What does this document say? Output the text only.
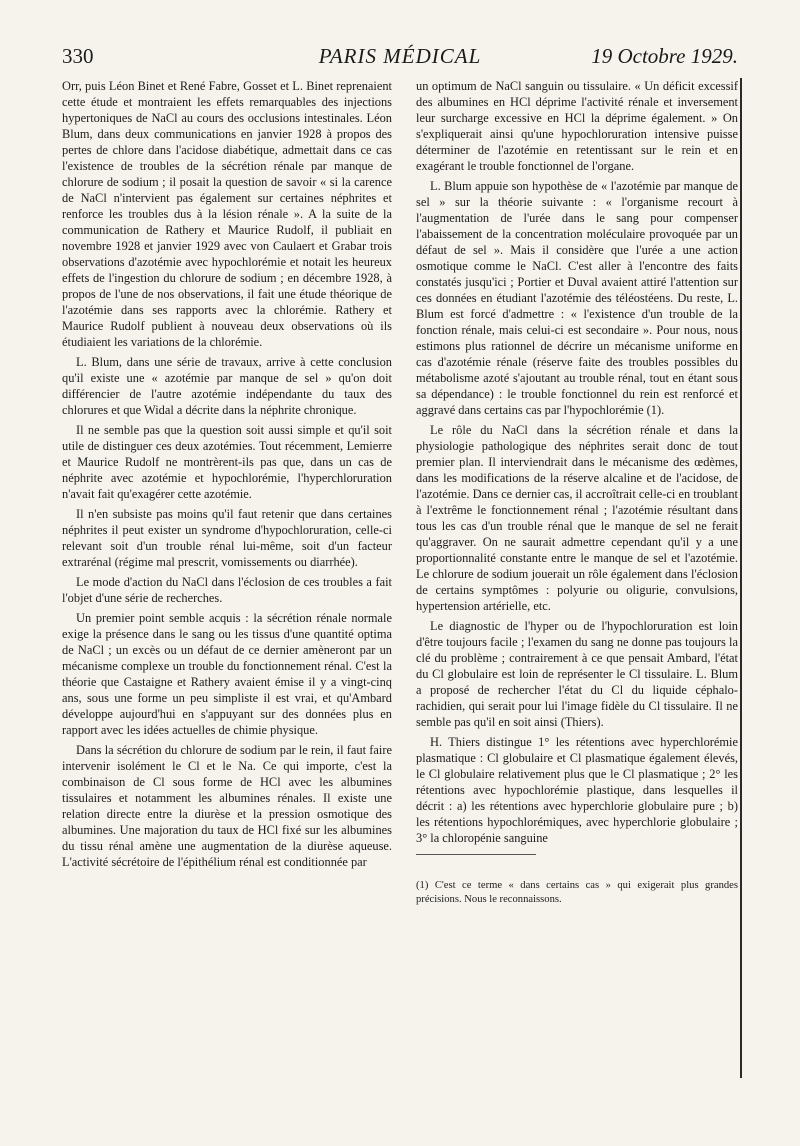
330	PARIS MÉDICAL	19 Octobre 1929.

Orr, puis Léon Binet et René Fabre, Gosset et L. Binet reprenaient cette étude et montraient les effets remarquables des injections hypertoniques de NaCl au cours des occlusions intestinales. Léon Blum, dans deux communications en janvier 1928 à propos des pertes de chlore dans l'acidose diabétique, admettait dans ce cas l'existence de troubles de la sécrétion rénale par manque de chlorure de sodium ; il posait la question de savoir « si la carence de NaCl n'intervient pas également sur certaines néphrites et renforce les troubles dus à la lésion rénale ». A la suite de la communication de Rathery et Maurice Rudolf, il publiait en novembre 1928 et janvier 1929 avec von Caulaert et Grabar trois observations d'azotémie avec hypochlorémie et notait les heureux effets de l'ingestion du chlorure de sodium ; en décembre 1928, à propos de l'une de nos observations, il fait une étude théorique de l'azotémie dans ses rapports avec la chlorémie. Rathery et Maurice Rudolf publient à nouveau deux observations où ils étudiaient les variations de la chlorémie.

L. Blum, dans une série de travaux, arrive à cette conclusion qu'il existe une « azotémie par manque de sel » qu'on doit différencier de l'autre azotémie indépendante du taux des chlorures et que Widal a décrite dans la néphrite chronique.

Il ne semble pas que la question soit aussi simple et qu'il soit utile de distinguer ces deux azotémies. Tout récemment, Lemierre et Maurice Rudolf ne montrèrent-ils pas que, dans un cas de néphrite avec azotémie et hypochlorémie, l'hyperchloruration n'avait fait qu'exagérer cette azotémie.

Il n'en subsiste pas moins qu'il faut retenir que dans certaines néphrites il peut exister un syndrome d'hypochloruration, celle-ci relevant soit d'un trouble rénal lui-même, soit d'un facteur extrarénal (régime mal prescrit, vomissements ou diarrhée).

Le mode d'action du NaCl dans l'éclosion de ces troubles a fait l'objet d'une série de recherches.

Un premier point semble acquis : la sécrétion rénale normale exige la présence dans le sang ou les tissus d'une quantité optima de NaCl ; un excès ou un défaut de ce dernier amèneront par un mécanisme complexe un trouble du fonctionnement rénal. C'est la théorie que Castaigne et Rathery avaient émise il y a vingt-cinq ans, sous une forme un peu simpliste il est vrai, et qu'Ambard développe aujourd'hui en s'appuyant sur des données plus en rapport avec les idées actuelles de chimie physique.

Dans la sécrétion du chlorure de sodium par le rein, il faut faire intervenir isolément le Cl et le Na. Ce qui importe, c'est la combinaison de Cl sous forme de HCl avec les albumines tissulaires et notamment les albumines rénales. Il existe une relation directe entre la diurèse et la pression osmotique des albumines. Une majoration du taux de HCl fixé sur les albumines du tissu rénal amène une augmentation de la diurèse aqueuse. L'activité sécrétoire de l'épithélium rénal est conditionnée par

un optimum de NaCl sanguin ou tissulaire. « Un déficit excessif des albumines en HCl déprime l'activité rénale et inversement leur surcharge excessive en HCl la déprime également. » On s'expliquerait ainsi qu'une hypochloruration intensive puisse déterminer de l'azotémie en retentissant sur le rein et en exagérant le trouble fonctionnel de l'organe.

L. Blum appuie son hypothèse de « l'azotémie par manque de sel » sur la théorie suivante : « l'organisme recourt à l'augmentation de l'urée dans le sang pour compenser l'abaissement de la concentration moléculaire provoquée par un défaut de sel ». Mais il considère que l'urée a une action osmotique comme le NaCl. C'est aller à l'encontre des faits constatés jusqu'ici ; Portier et Duval avaient attiré l'attention sur ces données en étudiant l'azotémie des téléostéens. Du reste, L. Blum est forcé d'admettre : « l'existence d'un trouble de la fonction rénale, mais celui-ci est secondaire ». Pour nous, nous estimons plus rationnel de décrire un mécanisme uniforme en cas d'azotémie rénale (réserve faite des troubles possibles du métabolisme azoté s'ajoutant au trouble rénal, tout en étant sous sa dépendance) : le trouble fonctionnel du rein est renforcé et aggravé dans certains cas par l'hypochlorémie (1).

Le rôle du NaCl dans la sécrétion rénale et dans la physiologie pathologique des néphrites serait donc de tout premier plan. Il interviendrait dans le mécanisme des œdèmes, dans les modifications de la réserve alcaline et de l'acidose, de l'azotémie. Dans ce dernier cas, il accroîtrait celle-ci en troublant à l'extrême le fonctionnement rénal ; l'azotémie résultant dans tous les cas d'un trouble rénal que le manque de sel ne ferait qu'aggraver. On ne saurait admettre cependant qu'il y a une proportionnalité constante entre le manque de sel et l'azotémie. Le chlorure de sodium jouerait un rôle également dans l'éclosion de certains symptômes : polyurie ou oligurie, convulsions, hypertension artérielle, etc.

Le diagnostic de l'hyper ou de l'hypochloruration est loin d'être toujours facile ; l'examen du sang ne donne pas toujours la clé du problème ; contrairement à ce que pensait Ambard, l'état du Cl globulaire est loin de représenter le Cl tissulaire. L. Blum a proposé de rechercher l'état du Cl du liquide céphalo-rachidien, qui serait pour lui l'image fidèle du Cl tissulaire. Il ne semble pas qu'il en soit ainsi (Thiers).

H. Thiers distingue 1° les rétentions avec hyperchlorémie plasmatique : Cl globulaire et Cl plasmatique également élevés, le Cl globulaire relativement plus que le Cl plasmatique ; 2° les rétentions avec hypochlorémie plastique, dans lesquelles il décrit : a) les rétentions avec hyperchlorie globulaire pure ; b) les rétentions hypochlorémiques, avec hyperchlorie globulaire ; 3° la chloropénie sanguine

(1) C'est ce terme « dans certains cas » qui exigerait plus grandes précisions. Nous le reconnaissons.
